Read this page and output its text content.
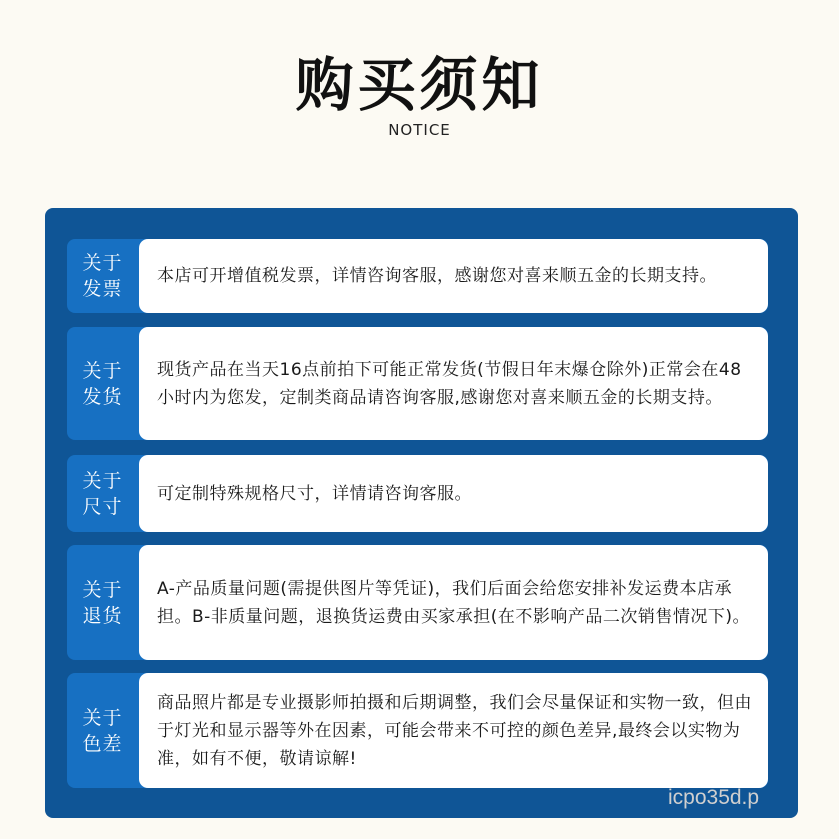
购买须知
NOTICE
关于
发票

本店可开增值税发票，详情咨询客服，感谢您对喜来顺五金的长期支持。

关于
发货

现货产品在当天16点前拍下可能正常发货(节假日年末爆仓除外)正常会在48小时内为您发，定制类商品请咨询客服,感谢您对喜来顺五金的长期支持。

关于
尺寸

可定制特殊规格尺寸，详情请咨询客服。

关于
退货

A-产品质量问题(需提供图片等凭证)，我们后面会给您安排补发运费本店承担。B-非质量问题，退换货运费由买家承担(在不影响产品二次销售情况下)。

关于
色差

商品照片都是专业摄影师拍摄和后期调整，我们会尽量保证和实物一致，但由于灯光和显示器等外在因素，可能会带来不可控的颜色差异,最终会以实物为准，如有不便，敬请谅解!

icpo35d.p
